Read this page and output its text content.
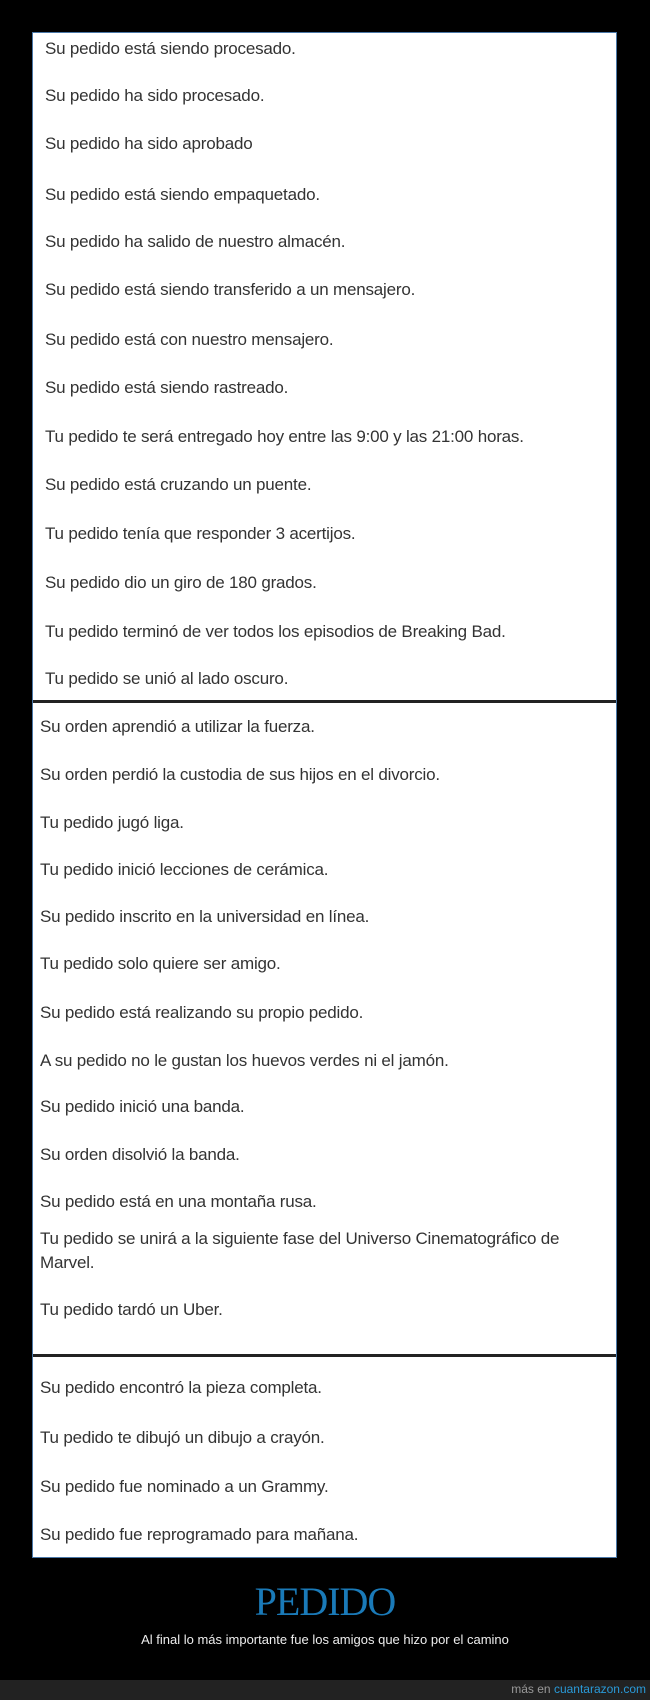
Su pedido está siendo procesado.
Su pedido ha sido procesado.
Su pedido ha sido aprobado
Su pedido está siendo empaquetado.
Su pedido ha salido de nuestro almacén.
Su pedido está siendo transferido a un mensajero.
Su pedido está con nuestro mensajero.
Su pedido está siendo rastreado.
Tu pedido te será entregado hoy entre las 9:00 y las 21:00 horas.
Su pedido está cruzando un puente.
Tu pedido tenía que responder 3 acertijos.
Su pedido dio un giro de 180 grados.
Tu pedido terminó de ver todos los episodios de Breaking Bad.
Tu pedido se unió al lado oscuro.
Su orden aprendió a utilizar la fuerza.
Su orden perdió la custodia de sus hijos en el divorcio.
Tu pedido jugó liga.
Tu pedido inició lecciones de cerámica.
Su pedido inscrito en la universidad en línea.
Tu pedido solo quiere ser amigo.
Su pedido está realizando su propio pedido.
A su pedido no le gustan los huevos verdes ni el jamón.
Su pedido inició una banda.
Su orden disolvió la banda.
Su pedido está en una montaña rusa.
Tu pedido se unirá a la siguiente fase del Universo Cinematográfico de Marvel.
Tu pedido tardó un Uber.
Su pedido encontró la pieza completa.
Tu pedido te dibujó un dibujo a crayón.
Su pedido fue nominado a un Grammy.
Su pedido fue reprogramado para mañana.
PEDIDO
Al final lo más importante fue los amigos que hizo por el camino
más en cuantarazon.com
